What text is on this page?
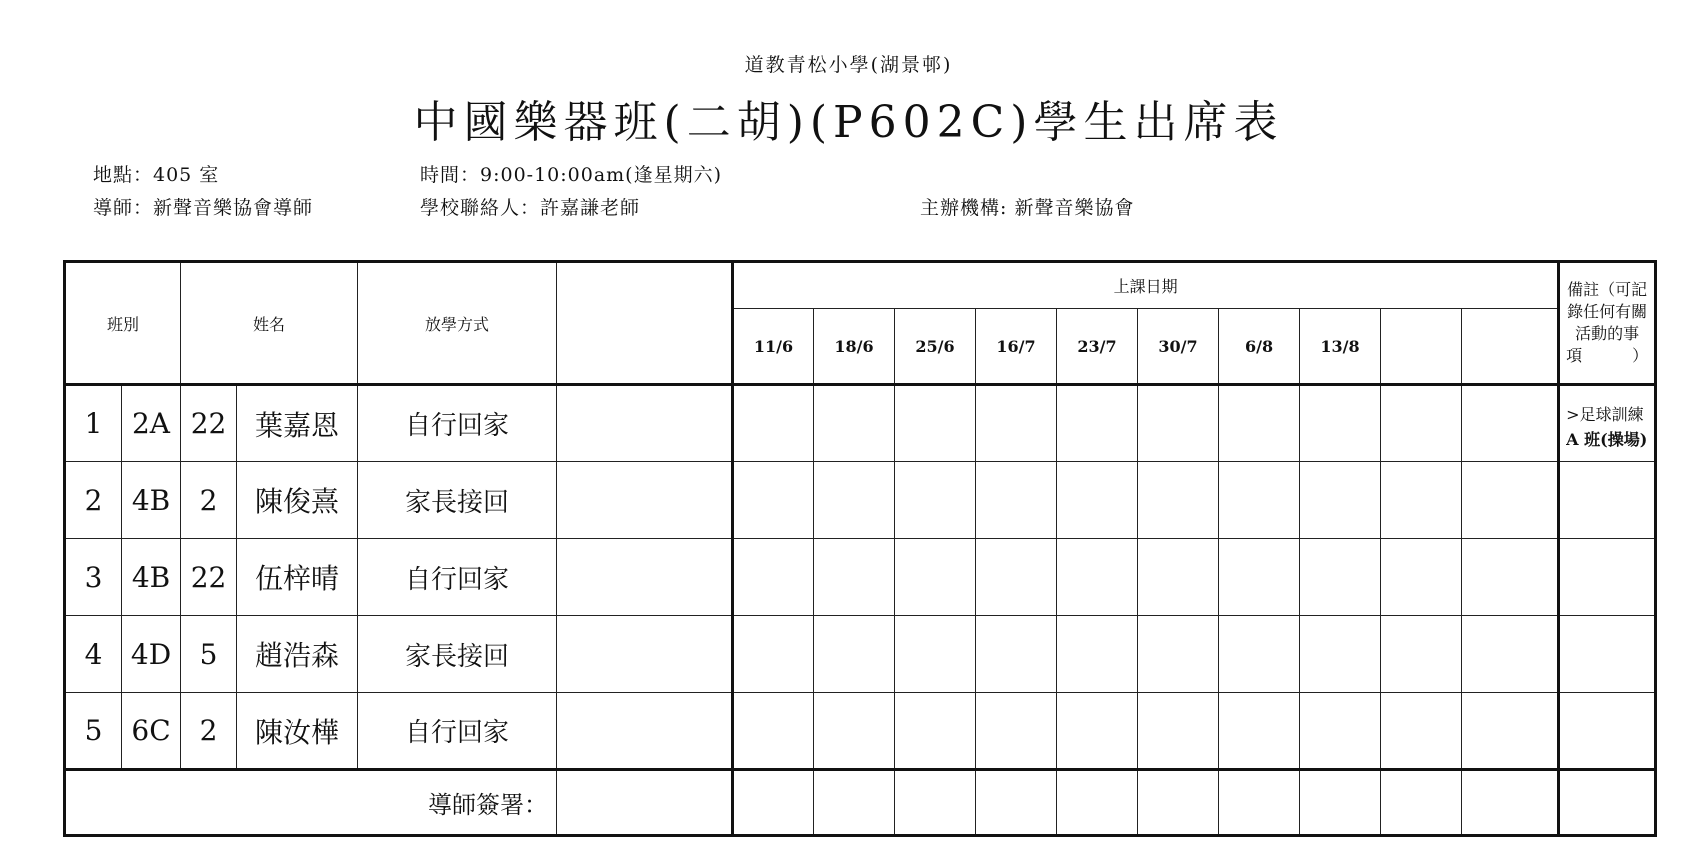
道教青松小學(湖景邨)
中國樂器班(二胡)(P602C)學生出席表
地點：405 室	時間：9:00-10:00am(逢星期六)
導師：新聲音樂協會導師	學校聯絡人：許嘉謙老師	主辦機構: 新聲音樂協會
班別		姓名		放學方式		上課日期										備註（可記錄任何有關活動的事項）
						11/6	18/6	25/6	16/7	23/7	30/7	6/8	13/8			
1	2A	22	葉嘉恩	自行回家												>足球訓練
A 班(操場)
2	4B	2	陳俊熹	家長接回												
3	4B	22	伍梓晴	自行回家												
4	4D	5	趙浩森	家長接回												
5	6C	2	陳汝樺	自行回家												
導師簽署：																
